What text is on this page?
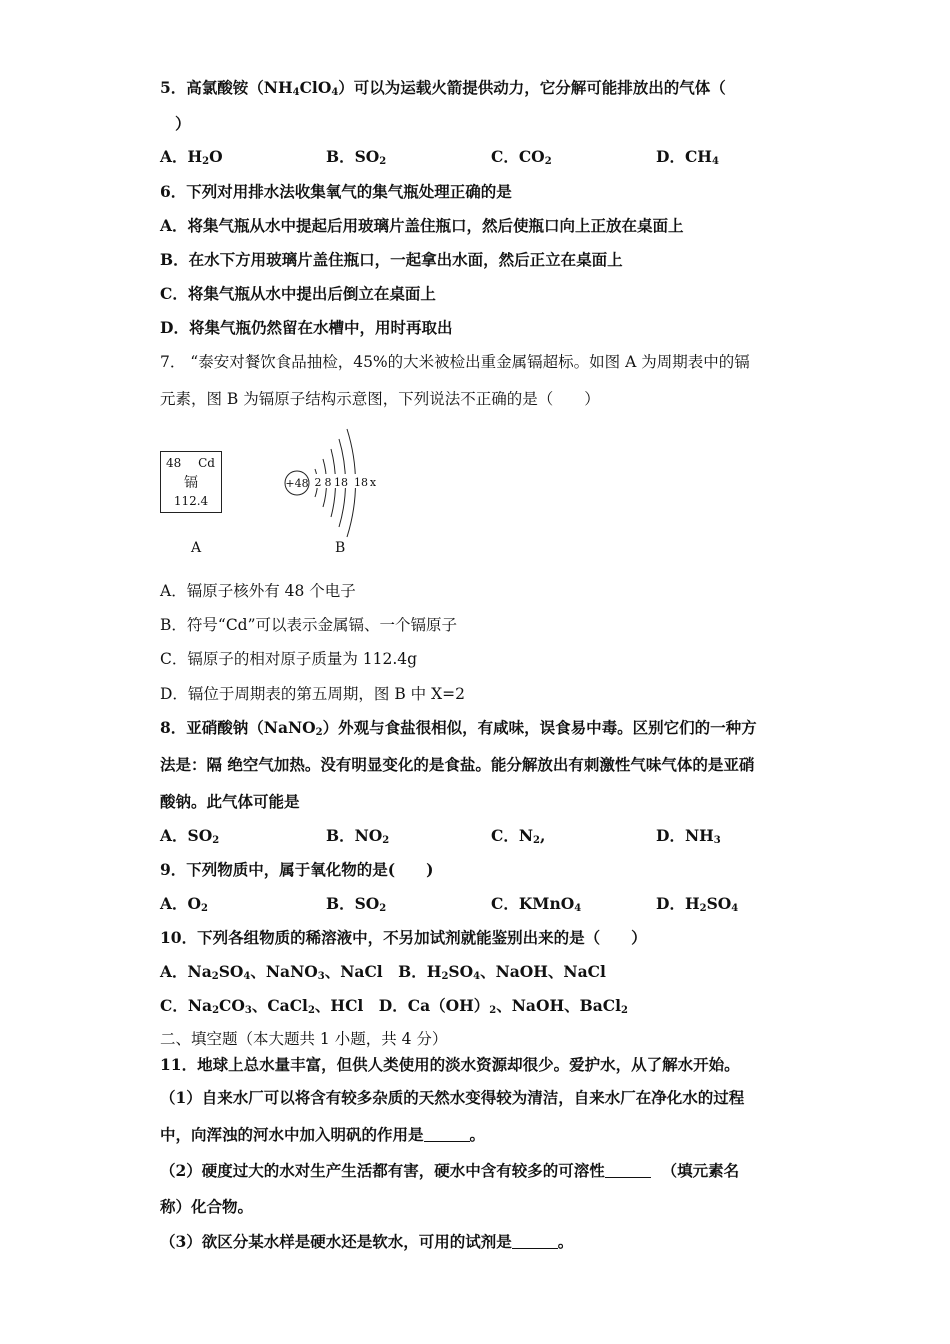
5．高氯酸铵$(NH_4ClO_4)$可以为运载火箭提供动力，它分解可能排放出的气体（
）
A．$H_2O$	B．$SO_2$	C．$CO_2$	D．$CH_4$
6．下列对用排水法收集氧气的集气瓶处理正确的是
A．将集气瓶从水中提起后用玻璃片盖住瓶口，然后使瓶口向上正放在桌面上
B．在水下方用玻璃片盖住瓶口，一起拿出水面，然后正立在桌面上
C．将集气瓶从水中提出后倒立在桌面上
D．将集气瓶仍然留在水槽中，用时再取出
7． “泰安对餐饮食品抽检，45%的大米被检出重金属镉超标。如图 A 为周期表中的镉
元素，图 B 为镉原子结构示意图，下列说法不正确的是（　　）
48 Cd
镉
112.4
A
+48 2 8 18 18 x
B
A．镉原子核外有 48 个电子
B．符号“Cd”可以表示金属镉、一个镉原子
C．镉原子的相对原子质量为 112.4g
D．镉位于周期表的第五周期，图 B 中 X=2
8．亚硝酸钠（NaNO$_2$）外观与食盐很相似，有咸味，误食易中毒。区别它们的一种方
法是：隔 绝空气加热。没有明显变化的是食盐。能分解放出有刺激性气味气体的是亚硝
酸钠。此气体可能是
A．$SO_2$	B．$NO_2$	C．$N_2$,	D．$NH_3$
9．下列物质中，属于氧化物的是(　　)
A．$O_2$	B．$SO_2$	C．KMnO$_4$	D．$H_2SO_4$
10．下列各组物质的稀溶液中，不另加试剂就能鉴别出来的是（　　）
A．$Na_2SO_4$、NaNO$_3$、NaCl　B．$H_2SO_4$、NaOH、NaCl
C．$Na_2CO_3$、CaCl$_2$、HCl　D．$Ca(OH)_2$、NaOH、BaCl$_2$
二、填空题（本大题共 1 小题，共 4 分）
11．地球上总水量丰富，但供人类使用的淡水资源却很少。爱护水，从了解水开始。
（1）自来水厂可以将含有较多杂质的天然水变得较为清洁，自来水厂在净化水的过程
中，向浑浊的河水中加入明矾的作用是	。
（2）硬度过大的水对生产生活都有害，硬水中含有较多的可溶性	（填元素名
称）化合物。
（3）欲区分某水样是硬水还是软水，可用的试剂是	。
